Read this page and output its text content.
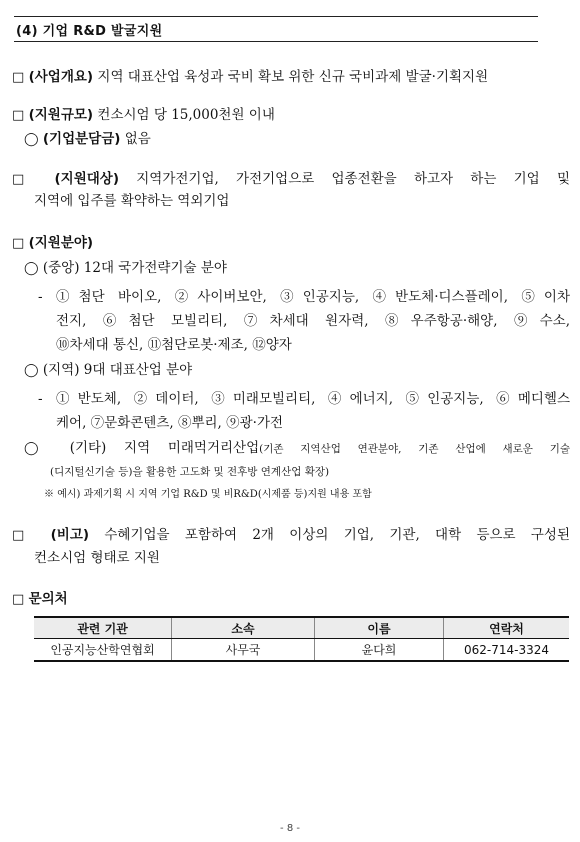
(4) 기업 R&D 발굴지원
□ (사업개요) 지역 대표산업 육성과 국비 확보 위한 신규 국비과제 발굴·기획지원
□ (지원규모) 컨소시엄 당 15,000천원 이내
◯ (기업분담금) 없음
□ (지원대상) 지역가전기업, 가전기업으로 업종전환을 하고자 하는 기업 및
지역에 입주를 확약하는 역외기업
□ (지원분야)
◯ (중앙) 12대 국가전략기술 분야
- ①첨단 바이오, ②사이버보안, ③인공지능, ④반도체·디스플레이, ⑤이차
전지, ⑥첨단 모빌리티, ⑦차세대 원자력, ⑧우주항공·해양, ⑨수소,
⑩차세대 통신, ⑪첨단로봇·제조, ⑫양자
◯ (지역) 9대 대표산업 분야
- ①반도체, ②데이터, ③미래모빌리티, ④에너지, ⑤인공지능, ⑥메디헬스
케어, ⑦문화콘텐츠, ⑧뿌리, ⑨광·가전
◯ (기타) 지역 미래먹거리산업(기존 지역산업 연관분야, 기존 산업에 새로운 기술
(디지털신기술 등)을 활용한 고도화 및 전후방 연계산업 확장)
※ 예시) 과제기획 시 지역 기업 R&D 및 비R&D(시제품 등)지원 내용 포함
□ (비고) 수혜기업을 포함하여 2개 이상의 기업, 기관, 대학 등으로 구성된
컨소시엄 형태로 지원
□ 문의처
관련 기관	소속	이름	연락처
인공지능산학연협회	사무국	윤다희	062-714-3324
- 8 -
